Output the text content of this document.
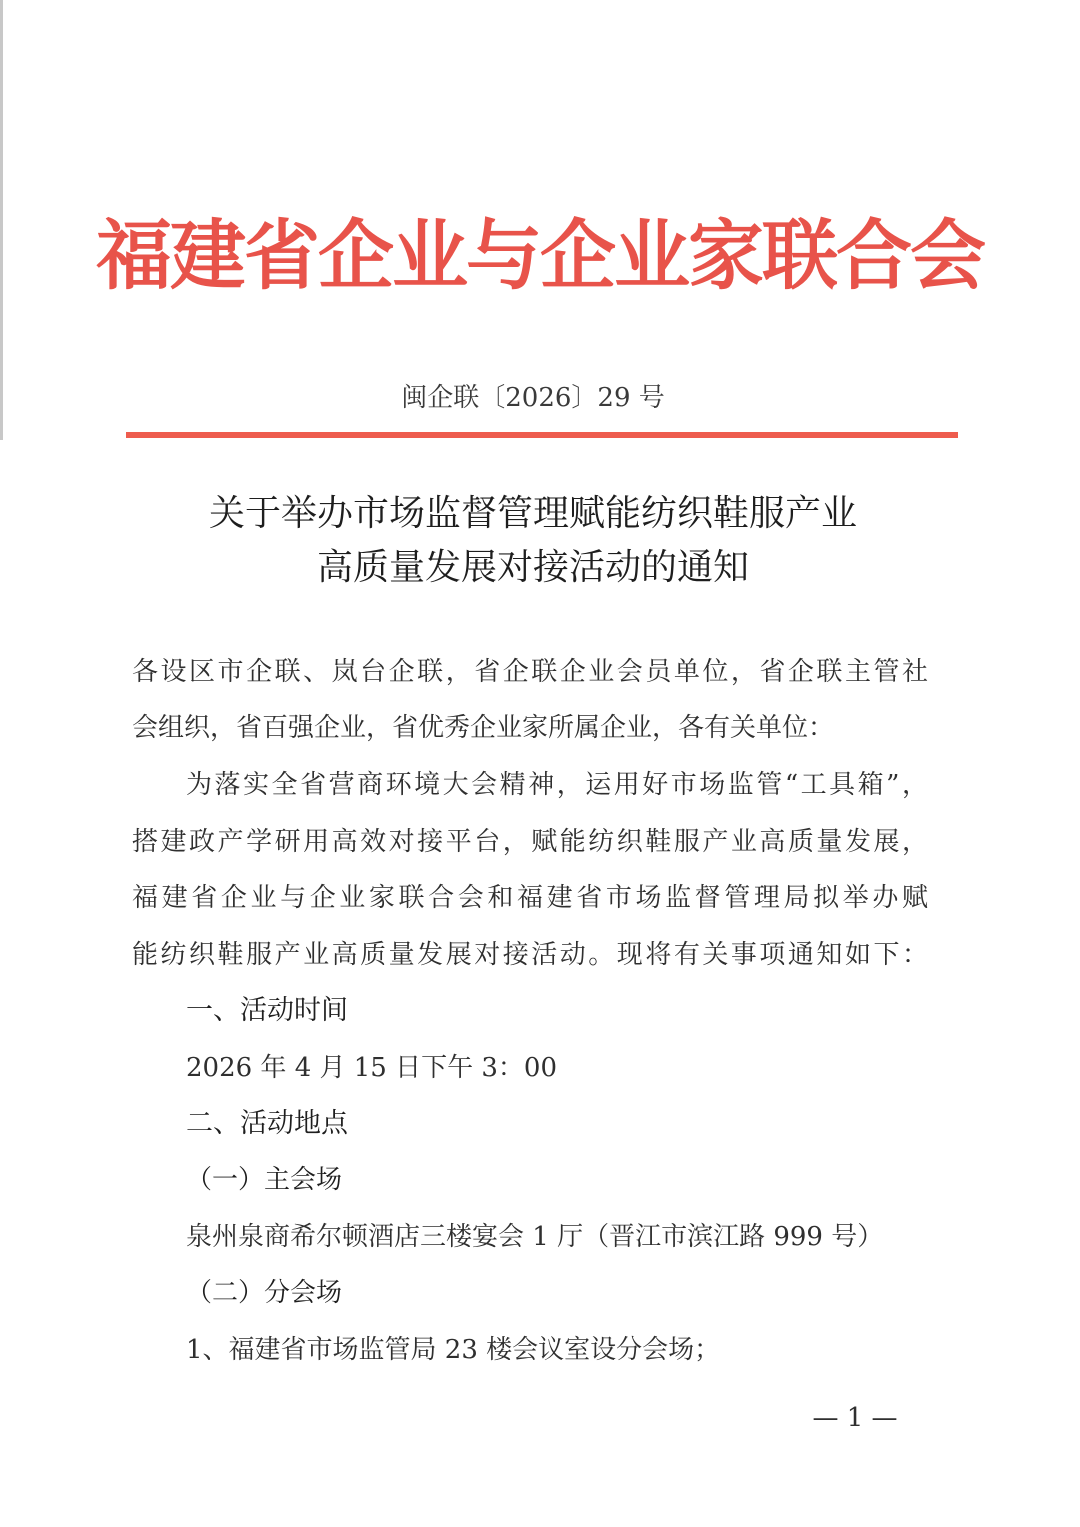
福建省企业与企业家联合会
闽企联〔2026〕29 号
关于举办市场监督管理赋能纺织鞋服产业
高质量发展对接活动的通知
各设区市企联、岚台企联，省企联企业会员单位，省企联主管社
会组织，省百强企业，省优秀企业家所属企业，各有关单位：
为落实全省营商环境大会精神，运用好市场监管“工具箱”，
搭建政产学研用高效对接平台，赋能纺织鞋服产业高质量发展，
福建省企业与企业家联合会和福建省市场监督管理局拟举办赋
能纺织鞋服产业高质量发展对接活动。现将有关事项通知如下：
一、活动时间
2026 年 4 月 15 日下午 3：00
二、活动地点
（一）主会场
泉州泉商希尔顿酒店三楼宴会 1 厅（晋江市滨江路 999 号）
（二）分会场
1、福建省市场监管局 23 楼会议室设分会场；
— 1 —
